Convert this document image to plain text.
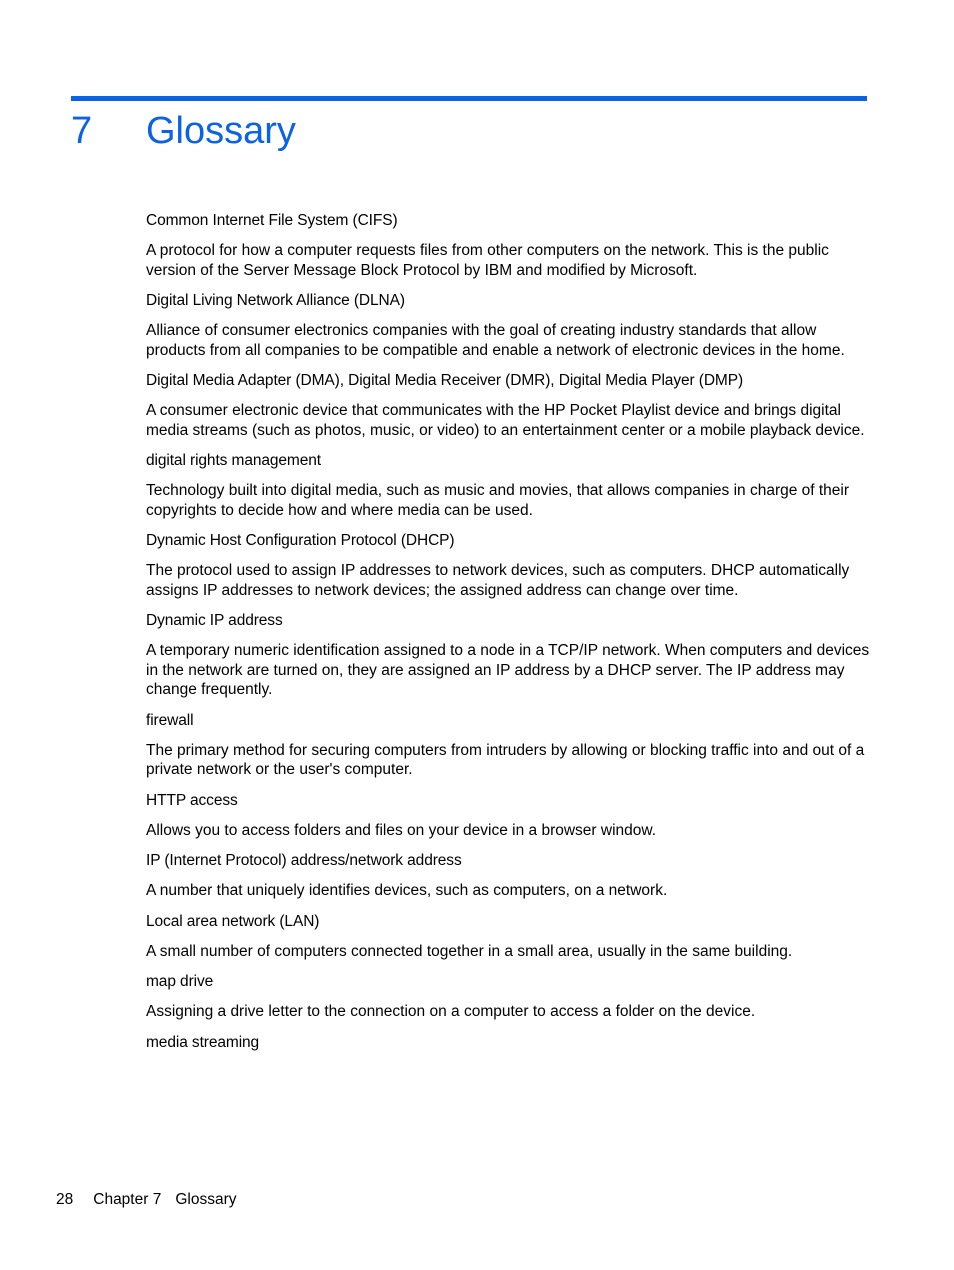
7	Glossary

Common Internet File System (CIFS)

A protocol for how a computer requests files from other computers on the network. This is the public version of the Server Message Block Protocol by IBM and modified by Microsoft.

Digital Living Network Alliance (DLNA)

Alliance of consumer electronics companies with the goal of creating industry standards that allow products from all companies to be compatible and enable a network of electronic devices in the home.

Digital Media Adapter (DMA), Digital Media Receiver (DMR), Digital Media Player (DMP)

A consumer electronic device that communicates with the HP Pocket Playlist device and brings digital media streams (such as photos, music, or video) to an entertainment center or a mobile playback device.

digital rights management

Technology built into digital media, such as music and movies, that allows companies in charge of their copyrights to decide how and where media can be used.

Dynamic Host Configuration Protocol (DHCP)

The protocol used to assign IP addresses to network devices, such as computers. DHCP automatically assigns IP addresses to network devices; the assigned address can change over time.

Dynamic IP address

A temporary numeric identification assigned to a node in a TCP/IP network. When computers and devices in the network are turned on, they are assigned an IP address by a DHCP server. The IP address may change frequently.

firewall

The primary method for securing computers from intruders by allowing or blocking traffic into and out of a private network or the user's computer.

HTTP access

Allows you to access folders and files on your device in a browser window.

IP (Internet Protocol) address/network address

A number that uniquely identifies devices, such as computers, on a network.

Local area network (LAN)

A small number of computers connected together in a small area, usually in the same building.

map drive

Assigning a drive letter to the connection on a computer to access a folder on the device.

media streaming

28 Chapter 7 Glossary
